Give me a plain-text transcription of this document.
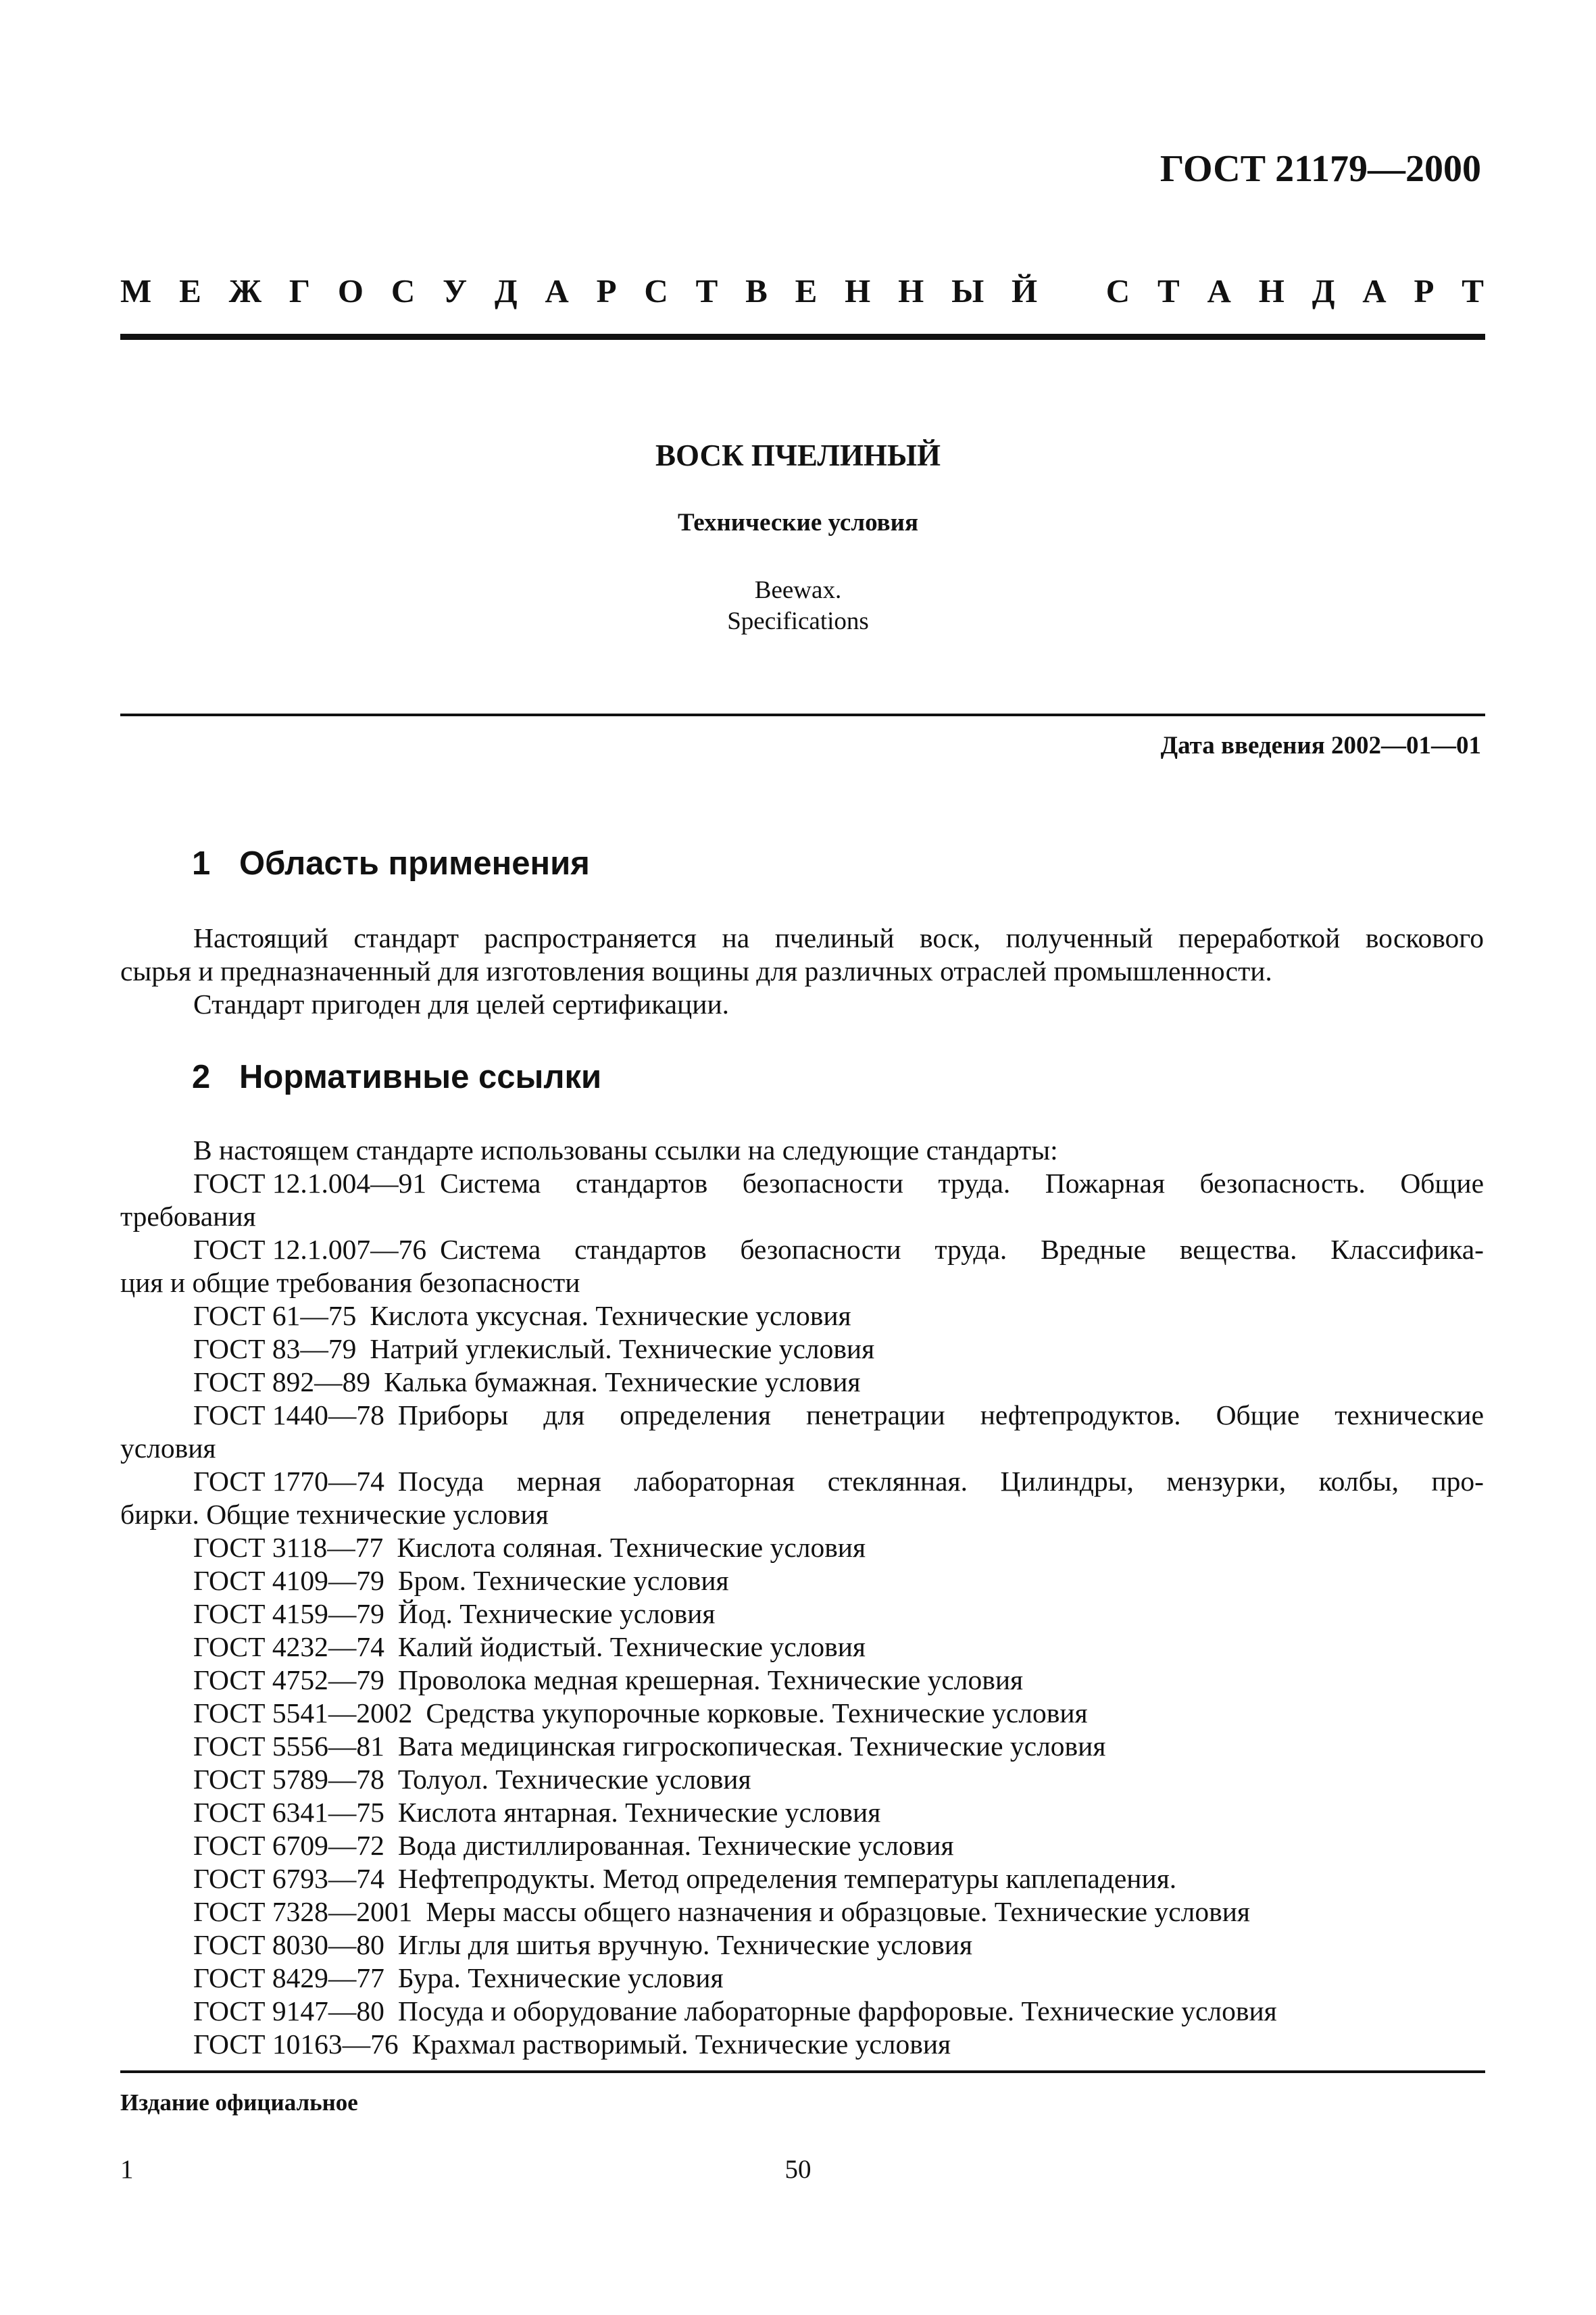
ГОСТ 21179—2000
М Е Ж Г О С У Д А Р С Т В Е Н Н Ы Й С Т А Н Д А Р Т
ВОСК ПЧЕЛИНЫЙ
Технические условия
Beewax.
Specifications
Дата введения 2002—01—01
1 Область применения
Настоящий стандарт распространяется на пчелиный воск, полученный переработкой воскового
сырья и предназначенный для изготовления вощины для различных отраслей промышленности.
Стандарт пригоден для целей сертификации.
2 Нормативные ссылки
В настоящем стандарте использованы ссылки на следующие стандарты:
ГОСТ 12.1.004—91 Система стандартов безопасности труда. Пожарная безопасность. Общие
требования
ГОСТ 12.1.007—76 Система стандартов безопасности труда. Вредные вещества. Классифика-
ция и общие требования безопасности
ГОСТ 61—75 Кислота уксусная. Технические условия
ГОСТ 83—79 Натрий углекислый. Технические условия
ГОСТ 892—89 Калька бумажная. Технические условия
ГОСТ 1440—78 Приборы для определения пенетрации нефтепродуктов. Общие технические
условия
ГОСТ 1770—74 Посуда мерная лабораторная стеклянная. Цилиндры, мензурки, колбы, про-
бирки. Общие технические условия
ГОСТ 3118—77 Кислота соляная. Технические условия
ГОСТ 4109—79 Бром. Технические условия
ГОСТ 4159—79 Йод. Технические условия
ГОСТ 4232—74 Калий йодистый. Технические условия
ГОСТ 4752—79 Проволока медная крешерная. Технические условия
ГОСТ 5541—2002 Средства укупорочные корковые. Технические условия
ГОСТ 5556—81 Вата медицинская гигроскопическая. Технические условия
ГОСТ 5789—78 Толуол. Технические условия
ГОСТ 6341—75 Кислота янтарная. Технические условия
ГОСТ 6709—72 Вода дистиллированная. Технические условия
ГОСТ 6793—74 Нефтепродукты. Метод определения температуры каплепадения.
ГОСТ 7328—2001 Меры массы общего назначения и образцовые. Технические условия
ГОСТ 8030—80 Иглы для шитья вручную. Технические условия
ГОСТ 8429—77 Бура. Технические условия
ГОСТ 9147—80 Посуда и оборудование лабораторные фарфоровые. Технические условия
ГОСТ 10163—76 Крахмал растворимый. Технические условия
Издание официальное
1	50
